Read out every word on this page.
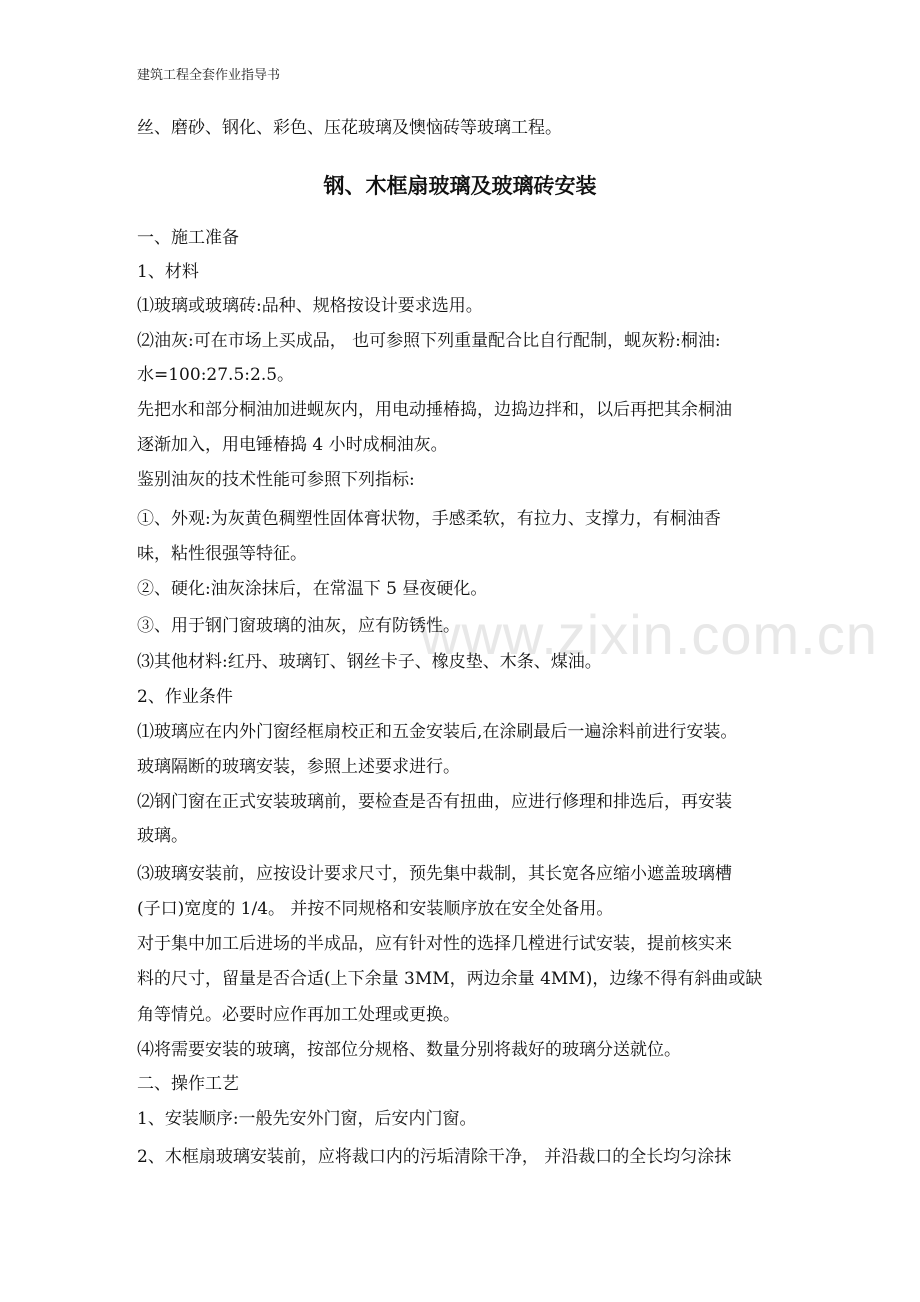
www.zixin.com.cn
建筑工程全套作业指导书
丝、磨砂、钢化、彩色、压花玻璃及懊恼砖等玻璃工程。
钢、木框扇玻璃及玻璃砖安装
一、施工准备
1、材料
⑴玻璃或玻璃砖:品种、规格按设计要求选用。
⑵油灰:可在市场上买成品， 也可参照下列重量配合比自行配制，蚬灰粉:桐油:
水=100:27.5:2.5。
先把水和部分桐油加进蚬灰内，用电动捶椿捣，边捣边拌和，以后再把其余桐油
逐渐加入，用电锤椿捣 4 小时成桐油灰。
鉴别油灰的技术性能可参照下列指标:
①、外观:为灰黄色稠塑性固体膏状物，手感柔软，有拉力、支撑力，有桐油香
味，粘性很强等特征。
②、硬化:油灰涂抹后，在常温下 5 昼夜硬化。
③、用于钢门窗玻璃的油灰，应有防锈性。
⑶其他材料:红丹、玻璃钉、钢丝卡子、橡皮垫、木条、煤油。
2、作业条件
⑴玻璃应在内外门窗经框扇校正和五金安装后,在涂刷最后一遍涂料前进行安装。
玻璃隔断的玻璃安装，参照上述要求进行。
⑵钢门窗在正式安装玻璃前，要检查是否有扭曲，应进行修理和排选后，再安装
玻璃。
⑶玻璃安装前，应按设计要求尺寸，预先集中裁制，其长宽各应缩小遮盖玻璃槽
(子口)宽度的 1/4。 并按不同规格和安装顺序放在安全处备用。
对于集中加工后进场的半成品，应有针对性的选择几樘进行试安装，提前核实来
料的尺寸，留量是否合适(上下余量 3MM，两边余量 4MM)，边缘不得有斜曲或缺
角等情兑。必要时应作再加工处理或更换。
⑷将需要安装的玻璃，按部位分规格、数量分别将裁好的玻璃分送就位。
二、操作工艺
1、安装顺序:一般先安外门窗，后安内门窗。
2、木框扇玻璃安装前，应将裁口内的污垢清除干净， 并沿裁口的全长均匀涂抹
